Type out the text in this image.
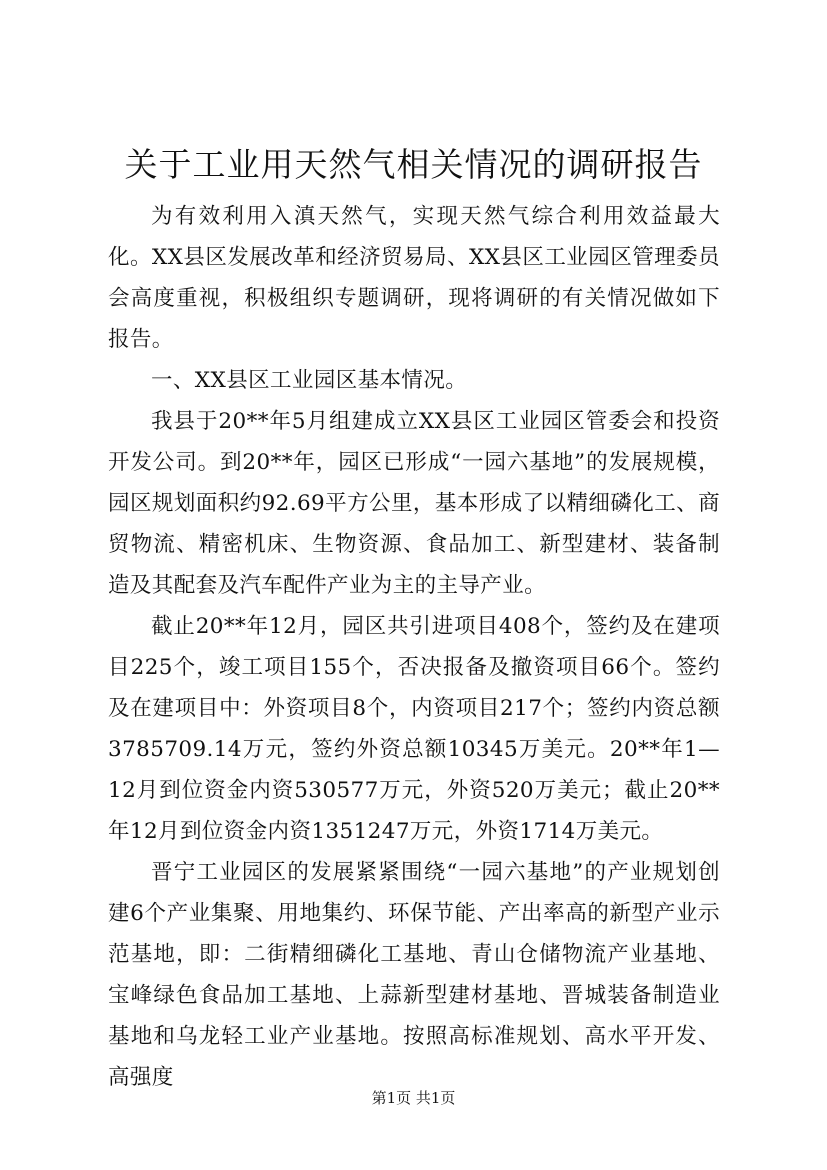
关于工业用天然气相关情况的调研报告

为有效利用入滇天然气，实现天然气综合利用效益最大化。XX县区发展改革和经济贸易局、XX县区工业园区管理委员会高度重视，积极组织专题调研，现将调研的有关情况做如下报告。

一、XX县区工业园区基本情况。

我县于20**年5月组建成立XX县区工业园区管委会和投资开发公司。到20**年，园区已形成“一园六基地”的发展规模，园区规划面积约92.69平方公里，基本形成了以精细磷化工、商贸物流、精密机床、生物资源、食品加工、新型建材、装备制造及其配套及汽车配件产业为主的主导产业。

截止20**年12月，园区共引进项目408个，签约及在建项目225个，竣工项目155个，否决报备及撤资项目66个。签约及在建项目中：外资项目8个，内资项目217个；签约内资总额3785709.14万元，签约外资总额10345万美元。20**年1—12月到位资金内资530577万元，外资520万美元；截止20**年12月到位资金内资1351247万元，外资1714万美元。

晋宁工业园区的发展紧紧围绕“一园六基地”的产业规划创建6个产业集聚、用地集约、环保节能、产出率高的新型产业示范基地，即：二街精细磷化工基地、青山仓储物流产业基地、宝峰绿色食品加工基地、上蒜新型建材基地、晋城装备制造业基地和乌龙轻工业产业基地。按照高标准规划、高水平开发、高强度

第1页 共1页
